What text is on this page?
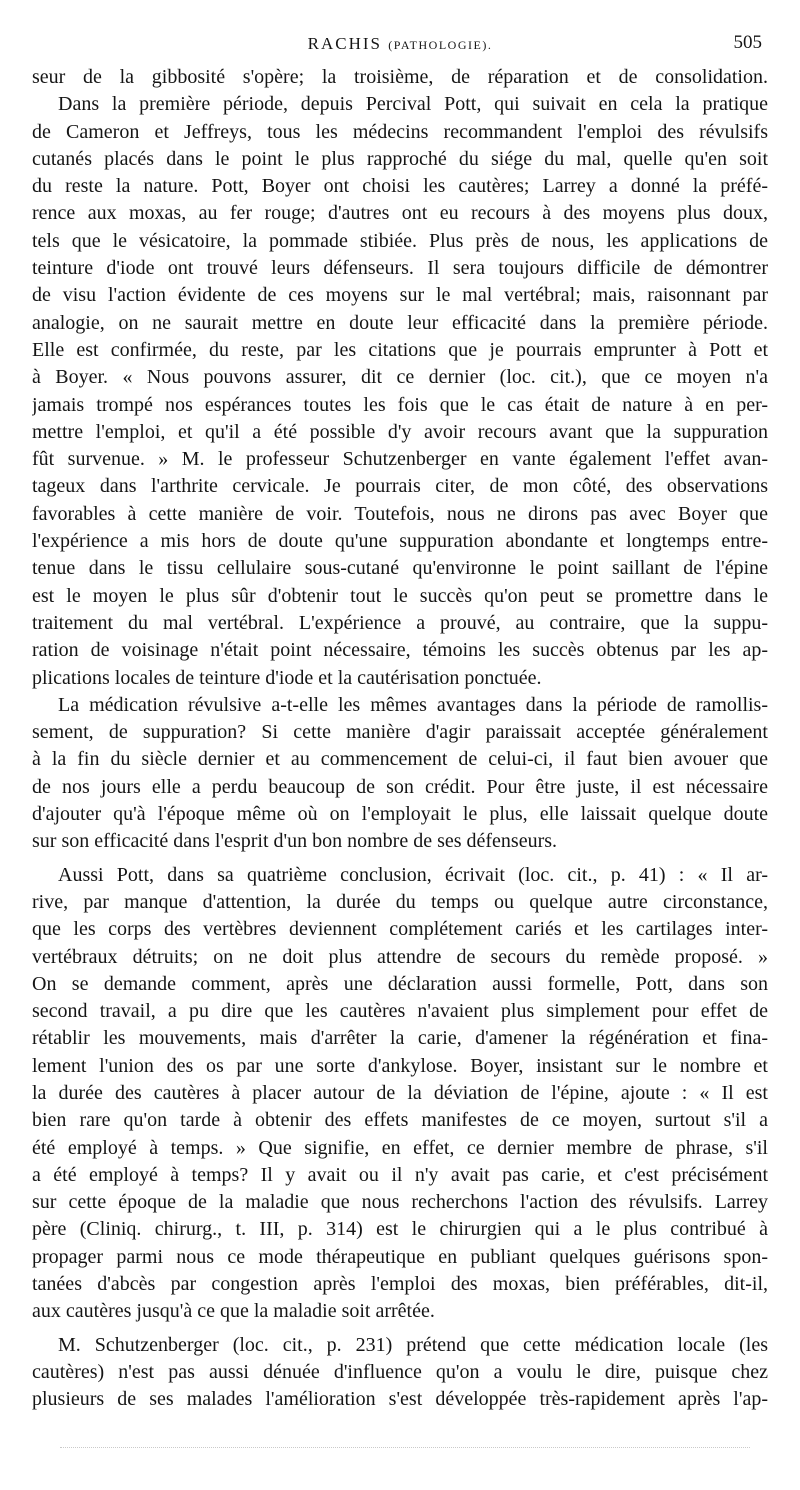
RACHIS (PATHOLOGIE).	505
seur de la gibbosité s'opère; la troisième, de réparation et de consolidation.
Dans la première période, depuis Percival Pott, qui suivait en cela la pratique
de Cameron et Jeffreys, tous les médecins recommandent l'emploi des révulsifs
cutanés placés dans le point le plus rapproché du siége du mal, quelle qu'en soit
du reste la nature. Pott, Boyer ont choisi les cautères; Larrey a donné la préfé-
rence aux moxas, au fer rouge; d'autres ont eu recours à des moyens plus doux,
tels que le vésicatoire, la pommade stibiée. Plus près de nous, les applications de
teinture d'iode ont trouvé leurs défenseurs. Il sera toujours difficile de démontrer
de visu l'action évidente de ces moyens sur le mal vertébral; mais, raisonnant par
analogie, on ne saurait mettre en doute leur efficacité dans la première période.
Elle est confirmée, du reste, par les citations que je pourrais emprunter à Pott et
à Boyer. « Nous pouvons assurer, dit ce dernier (loc. cit.), que ce moyen n'a
jamais trompé nos espérances toutes les fois que le cas était de nature à en per-
mettre l'emploi, et qu'il a été possible d'y avoir recours avant que la suppuration
fût survenue. » M. le professeur Schutzenberger en vante également l'effet avan-
tageux dans l'arthrite cervicale. Je pourrais citer, de mon côté, des observations
favorables à cette manière de voir. Toutefois, nous ne dirons pas avec Boyer que
l'expérience a mis hors de doute qu'une suppuration abondante et longtemps entre-
tenue dans le tissu cellulaire sous-cutané qu'environne le point saillant de l'épine
est le moyen le plus sûr d'obtenir tout le succès qu'on peut se promettre dans le
traitement du mal vertébral. L'expérience a prouvé, au contraire, que la suppu-
ration de voisinage n'était point nécessaire, témoins les succès obtenus par les ap-
plications locales de teinture d'iode et la cautérisation ponctuée.
La médication révulsive a-t-elle les mêmes avantages dans la période de ramollis-
sement, de suppuration? Si cette manière d'agir paraissait acceptée généralement
à la fin du siècle dernier et au commencement de celui-ci, il faut bien avouer que
de nos jours elle a perdu beaucoup de son crédit. Pour être juste, il est nécessaire
d'ajouter qu'à l'époque même où on l'employait le plus, elle laissait quelque doute
sur son efficacité dans l'esprit d'un bon nombre de ses défenseurs.
Aussi Pott, dans sa quatrième conclusion, écrivait (loc. cit., p. 41) : « Il ar-
rive, par manque d'attention, la durée du temps ou quelque autre circonstance,
que les corps des vertèbres deviennent complétement cariés et les cartilages inter-
vertébraux détruits; on ne doit plus attendre de secours du remède proposé. »
On se demande comment, après une déclaration aussi formelle, Pott, dans son
second travail, a pu dire que les cautères n'avaient plus simplement pour effet de
rétablir les mouvements, mais d'arrêter la carie, d'amener la régénération et fina-
lement l'union des os par une sorte d'ankylose. Boyer, insistant sur le nombre et
la durée des cautères à placer autour de la déviation de l'épine, ajoute : « Il est
bien rare qu'on tarde à obtenir des effets manifestes de ce moyen, surtout s'il a
été employé à temps. » Que signifie, en effet, ce dernier membre de phrase, s'il
a été employé à temps? Il y avait ou il n'y avait pas carie, et c'est précisément
sur cette époque de la maladie que nous recherchons l'action des révulsifs. Larrey
père (Cliniq. chirurg., t. III, p. 314) est le chirurgien qui a le plus contribué à
propager parmi nous ce mode thérapeutique en publiant quelques guérisons spon-
tanées d'abcès par congestion après l'emploi des moxas, bien préférables, dit-il,
aux cautères jusqu'à ce que la maladie soit arrêtée.
M. Schutzenberger (loc. cit., p. 231) prétend que cette médication locale (les
cautères) n'est pas aussi dénuée d'influence qu'on a voulu le dire, puisque chez
plusieurs de ses malades l'amélioration s'est développée très-rapidement après l'ap-
